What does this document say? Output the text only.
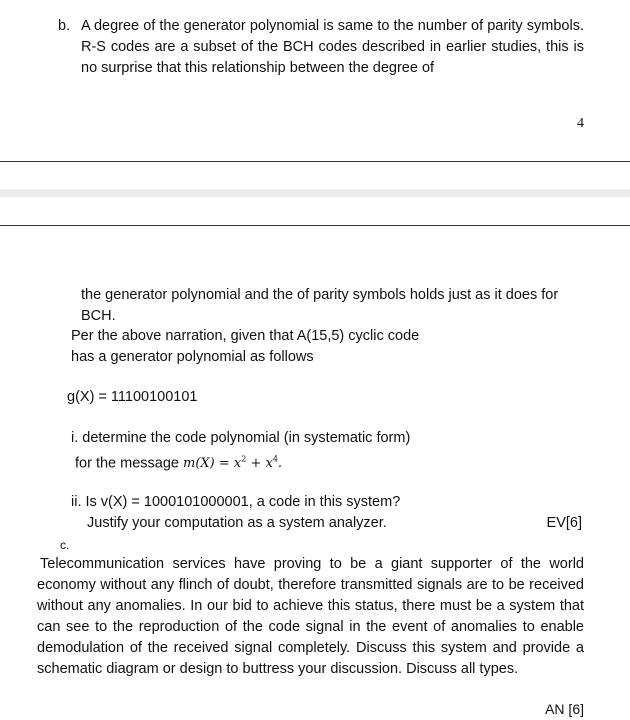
b. A degree of the generator polynomial is same to the number of parity symbols. R-S codes are a subset of the BCH codes described in earlier studies, this is no surprise that this relationship between the degree of
4
the generator polynomial and the of parity symbols holds just as it does for BCH.
Per the above narration, given that A(15,5) cyclic code
has a generator polynomial as follows
g(X) = 11100100101
i. determine the code polynomial (in systematic form)
for the message $m(X) = x^2 + x^4$.
ii. Is v(X) = 1000101000001, a code in this system?
Justify your computation as a system analyzer.	EV[6]
c.
Telecommunication services have proving to be a giant supporter of the world economy without any flinch of doubt, therefore transmitted signals are to be received without any anomalies. In our bid to achieve this status, there must be a system that can see to the reproduction of the code signal in the event of anomalies to enable demodulation of the received signal completely. Discuss this system and provide a schematic diagram or design to buttress your discussion. Discuss all types.
AN [6]
